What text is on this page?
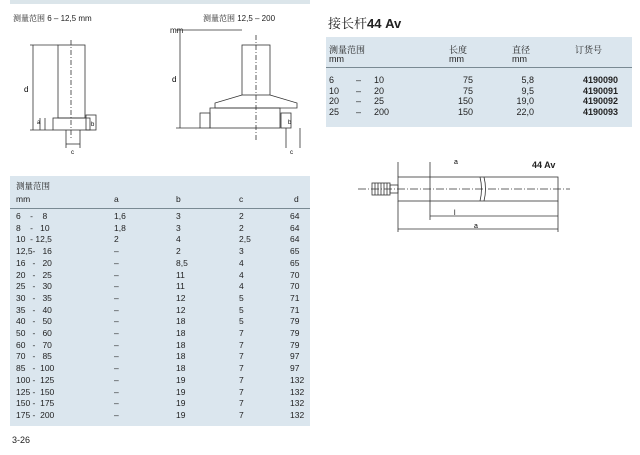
测量范围 6 – 12,5 mm	测量范围 12,5 – 200
mm
d
a	b
c
d
b
c
接长杆44 Av
测量范围	长度	直径	订货号
mm	mm	mm
6 – 10	75	5,8	4190090
10 – 20	75	9,5	4190091
20 – 25	150	19,0	4190092
25 – 200	150	22,0	4190093
44 Av
a
l
a
测量范围
mm	a	b	c	d
6    -    8	1,6	3	2	64
8    -   10	1,8	3	2	64
10  - 12,5	2	4	2,5	64
12,5-   16	–	2	3	65
16   -   20	–	8,5	4	65
20   -   25	–	11	4	70
25   -   30	–	11	4	70
30   -   35	–	12	5	71
35   -   40	–	12	5	71
40   -   50	–	18	5	79
50   -   60	–	18	7	79
60   -   70	–	18	7	79
70   -   85	–	18	7	97
85   -  100	–	18	7	97
100 -  125	–	19	7	132
125 -  150	–	19	7	132
150 -  175	–	19	7	132
175 -  200	–	19	7	132
3-26
